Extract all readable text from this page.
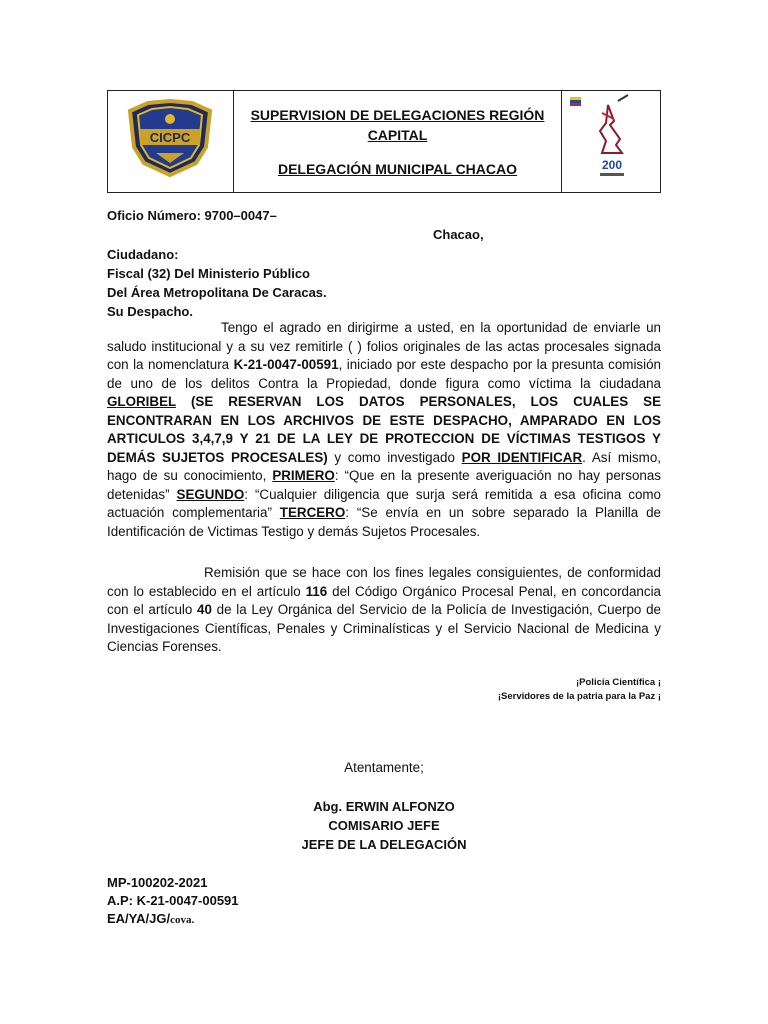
CICPC

SUPERVISION DE DELEGACIONES REGIÓN
CAPITAL
DELEGACIÓN MUNICIPAL CHACAO	200
Oficio Número: 9700–0047–
Chacao,
Ciudadano:
Fiscal (32) Del Ministerio Público
Del Área Metropolitana De Caracas.
Su Despacho.
Tengo el agrado en dirigirme a usted, en la oportunidad de enviarle un saludo institucional y a su vez remitirle ( ) folios originales de las actas procesales signada con la nomenclatura K-21-0047-00591, iniciado por este despacho por la presunta comisión de uno de los delitos Contra la Propiedad, donde figura como víctima la ciudadana GLORIBEL (SE RESERVAN LOS DATOS PERSONALES, LOS CUALES SE ENCONTRARAN EN LOS ARCHIVOS DE ESTE DESPACHO, AMPARADO EN LOS ARTICULOS 3,4,7,9 Y 21 DE LA LEY DE PROTECCION DE VÍCTIMAS TESTIGOS Y DEMÁS SUJETOS PROCESALES) y como investigado POR IDENTIFICAR. Así mismo, hago de su conocimiento, PRIMERO: “Que en la presente averiguación no hay personas detenidas” SEGUNDO: “Cualquier diligencia que surja será remitida a esa oficina como actuación complementaria” TERCERO: “Se envía en un sobre separado la Planilla de Identificación de Victimas Testigo y demás Sujetos Procesales.
Remisión que se hace con los fines legales consiguientes, de conformidad con lo establecido en el artículo 116 del Código Orgánico Procesal Penal, en concordancia con el artículo 40 de la Ley Orgánica del Servicio de la Policía de Investigación, Cuerpo de Investigaciones Científicas, Penales y Criminalísticas y el Servicio Nacional de Medicina y Ciencias Forenses.
¡Policía Científica ¡
¡Servidores de la patria para la Paz ¡
Atentamente;
Abg. ERWIN ALFONZO
COMISARIO JEFE
JEFE DE LA DELEGACIÓN
MP-100202-2021
A.P: K-21-0047-00591
EA/YA/JG/cova.
